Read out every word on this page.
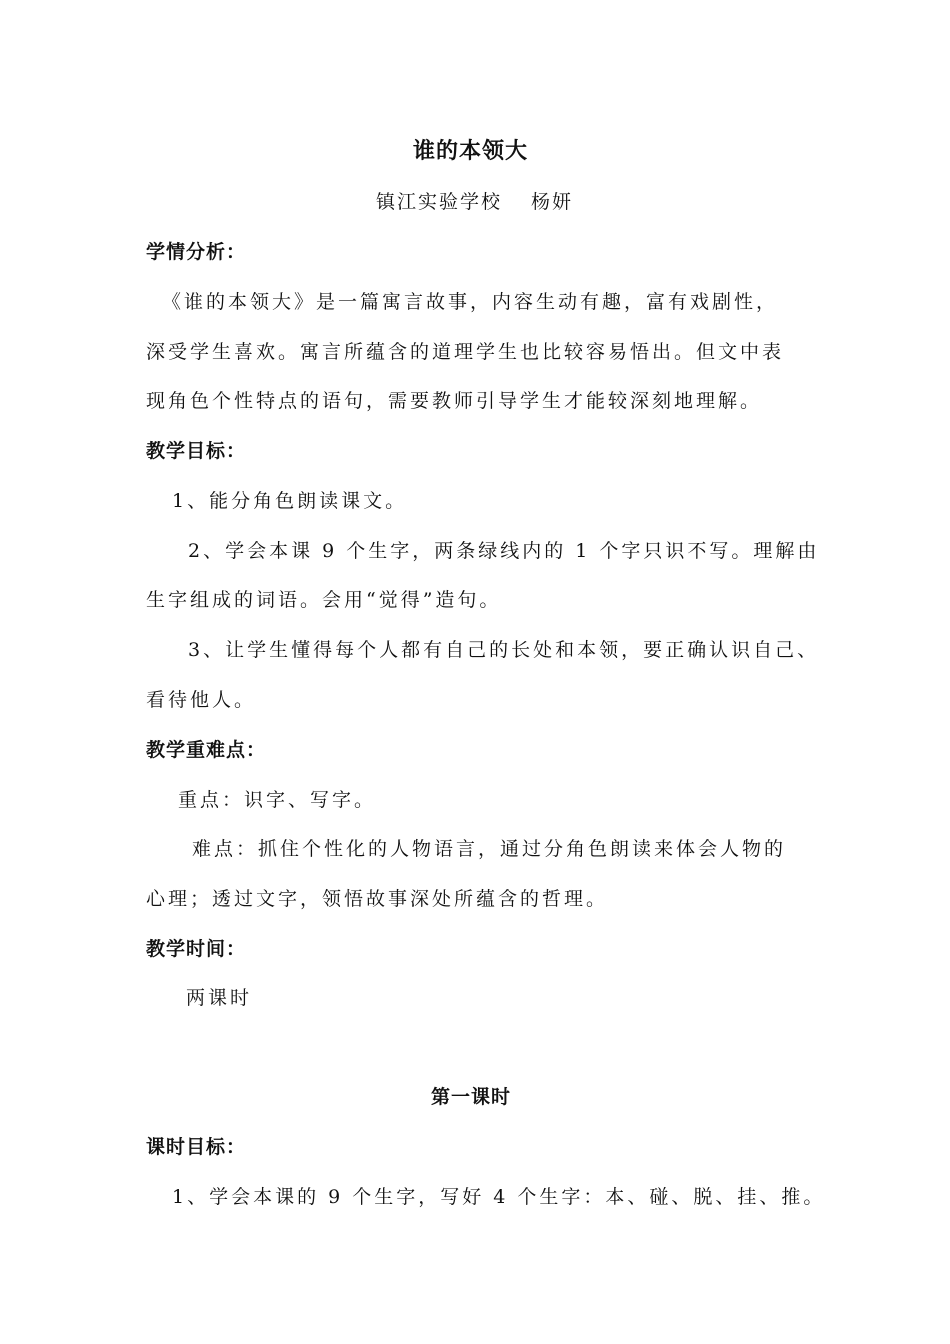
谁的本领大
镇江实验学校　 杨妍
学情分析：
《谁的本领大》是一篇寓言故事，内容生动有趣，富有戏剧性，
深受学生喜欢。寓言所蕴含的道理学生也比较容易悟出。但文中表
现角色个性特点的语句，需要教师引导学生才能较深刻地理解。
教学目标：
1、能分角色朗读课文。
2、学会本课 9 个生字，两条绿线内的 1 个字只识不写。理解由
生字组成的词语。会用“觉得”造句。
3、让学生懂得每个人都有自己的长处和本领，要正确认识自己、
看待他人。
教学重难点：
重点：识字、写字。
难点：抓住个性化的人物语言，通过分角色朗读来体会人物的
心理；透过文字，领悟故事深处所蕴含的哲理。
教学时间：
两课时
第一课时
课时目标：
1、学会本课的 9 个生字，写好 4 个生字：本、碰、脱、挂、推。
